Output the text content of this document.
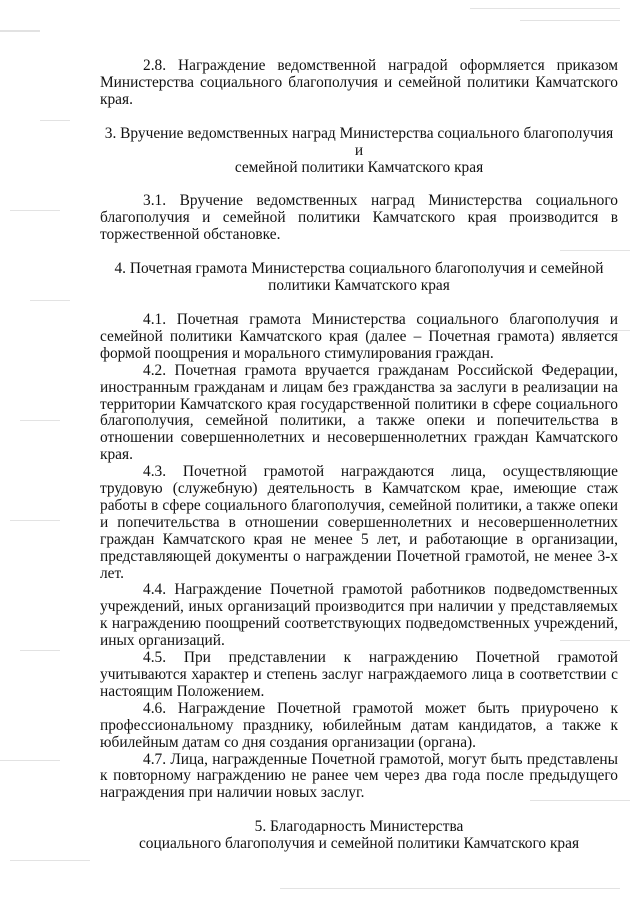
2.8. Награждение ведомственной наградой оформляется приказом Министерства социального благополучия и семейной политики Камчатского края.

3. Вручение ведомственных наград Министерства социального благополучия и
семейной политики Камчатского края

3.1. Вручение ведомственных наград Министерства социального благополучия и семейной политики Камчатского края производится в торжественной обстановке.

4. Почетная грамота Министерства социального благополучия и семейной
политики Камчатского края

4.1. Почетная грамота Министерства социального благополучия и семейной политики Камчатского края (далее – Почетная грамота) является формой поощрения и морального стимулирования граждан.

4.2. Почетная грамота вручается гражданам Российской Федерации, иностранным гражданам и лицам без гражданства за заслуги в реализации на территории Камчатского края государственной политики в сфере социального благополучия, семейной политики, а также опеки и попечительства в отношении совершеннолетних и несовершеннолетних граждан Камчатского края.

4.3. Почетной грамотой награждаются лица, осуществляющие трудовую (служебную) деятельность в Камчатском крае, имеющие стаж работы в сфере социального благополучия, семейной политики, а также опеки и попечительства в отношении совершеннолетних и несовершеннолетних граждан Камчатского края не менее 5 лет, и работающие в организации, представляющей документы о награждении Почетной грамотой, не менее 3-х лет.

4.4. Награждение Почетной грамотой работников подведомственных учреждений, иных организаций производится при наличии у представляемых к награждению поощрений соответствующих подведомственных учреждений, иных организаций.

4.5. При представлении к награждению Почетной грамотой учитываются характер и степень заслуг награждаемого лица в соответствии с настоящим Положением.

4.6. Награждение Почетной грамотой может быть приурочено к профессиональному празднику, юбилейным датам кандидатов, а также к юбилейным датам со дня создания организации (органа).

4.7. Лица, награжденные Почетной грамотой, могут быть представлены к повторному награждению не ранее чем через два года после предыдущего награждения при наличии новых заслуг.

5. Благодарность Министерства
социального благополучия и семейной политики Камчатского края
